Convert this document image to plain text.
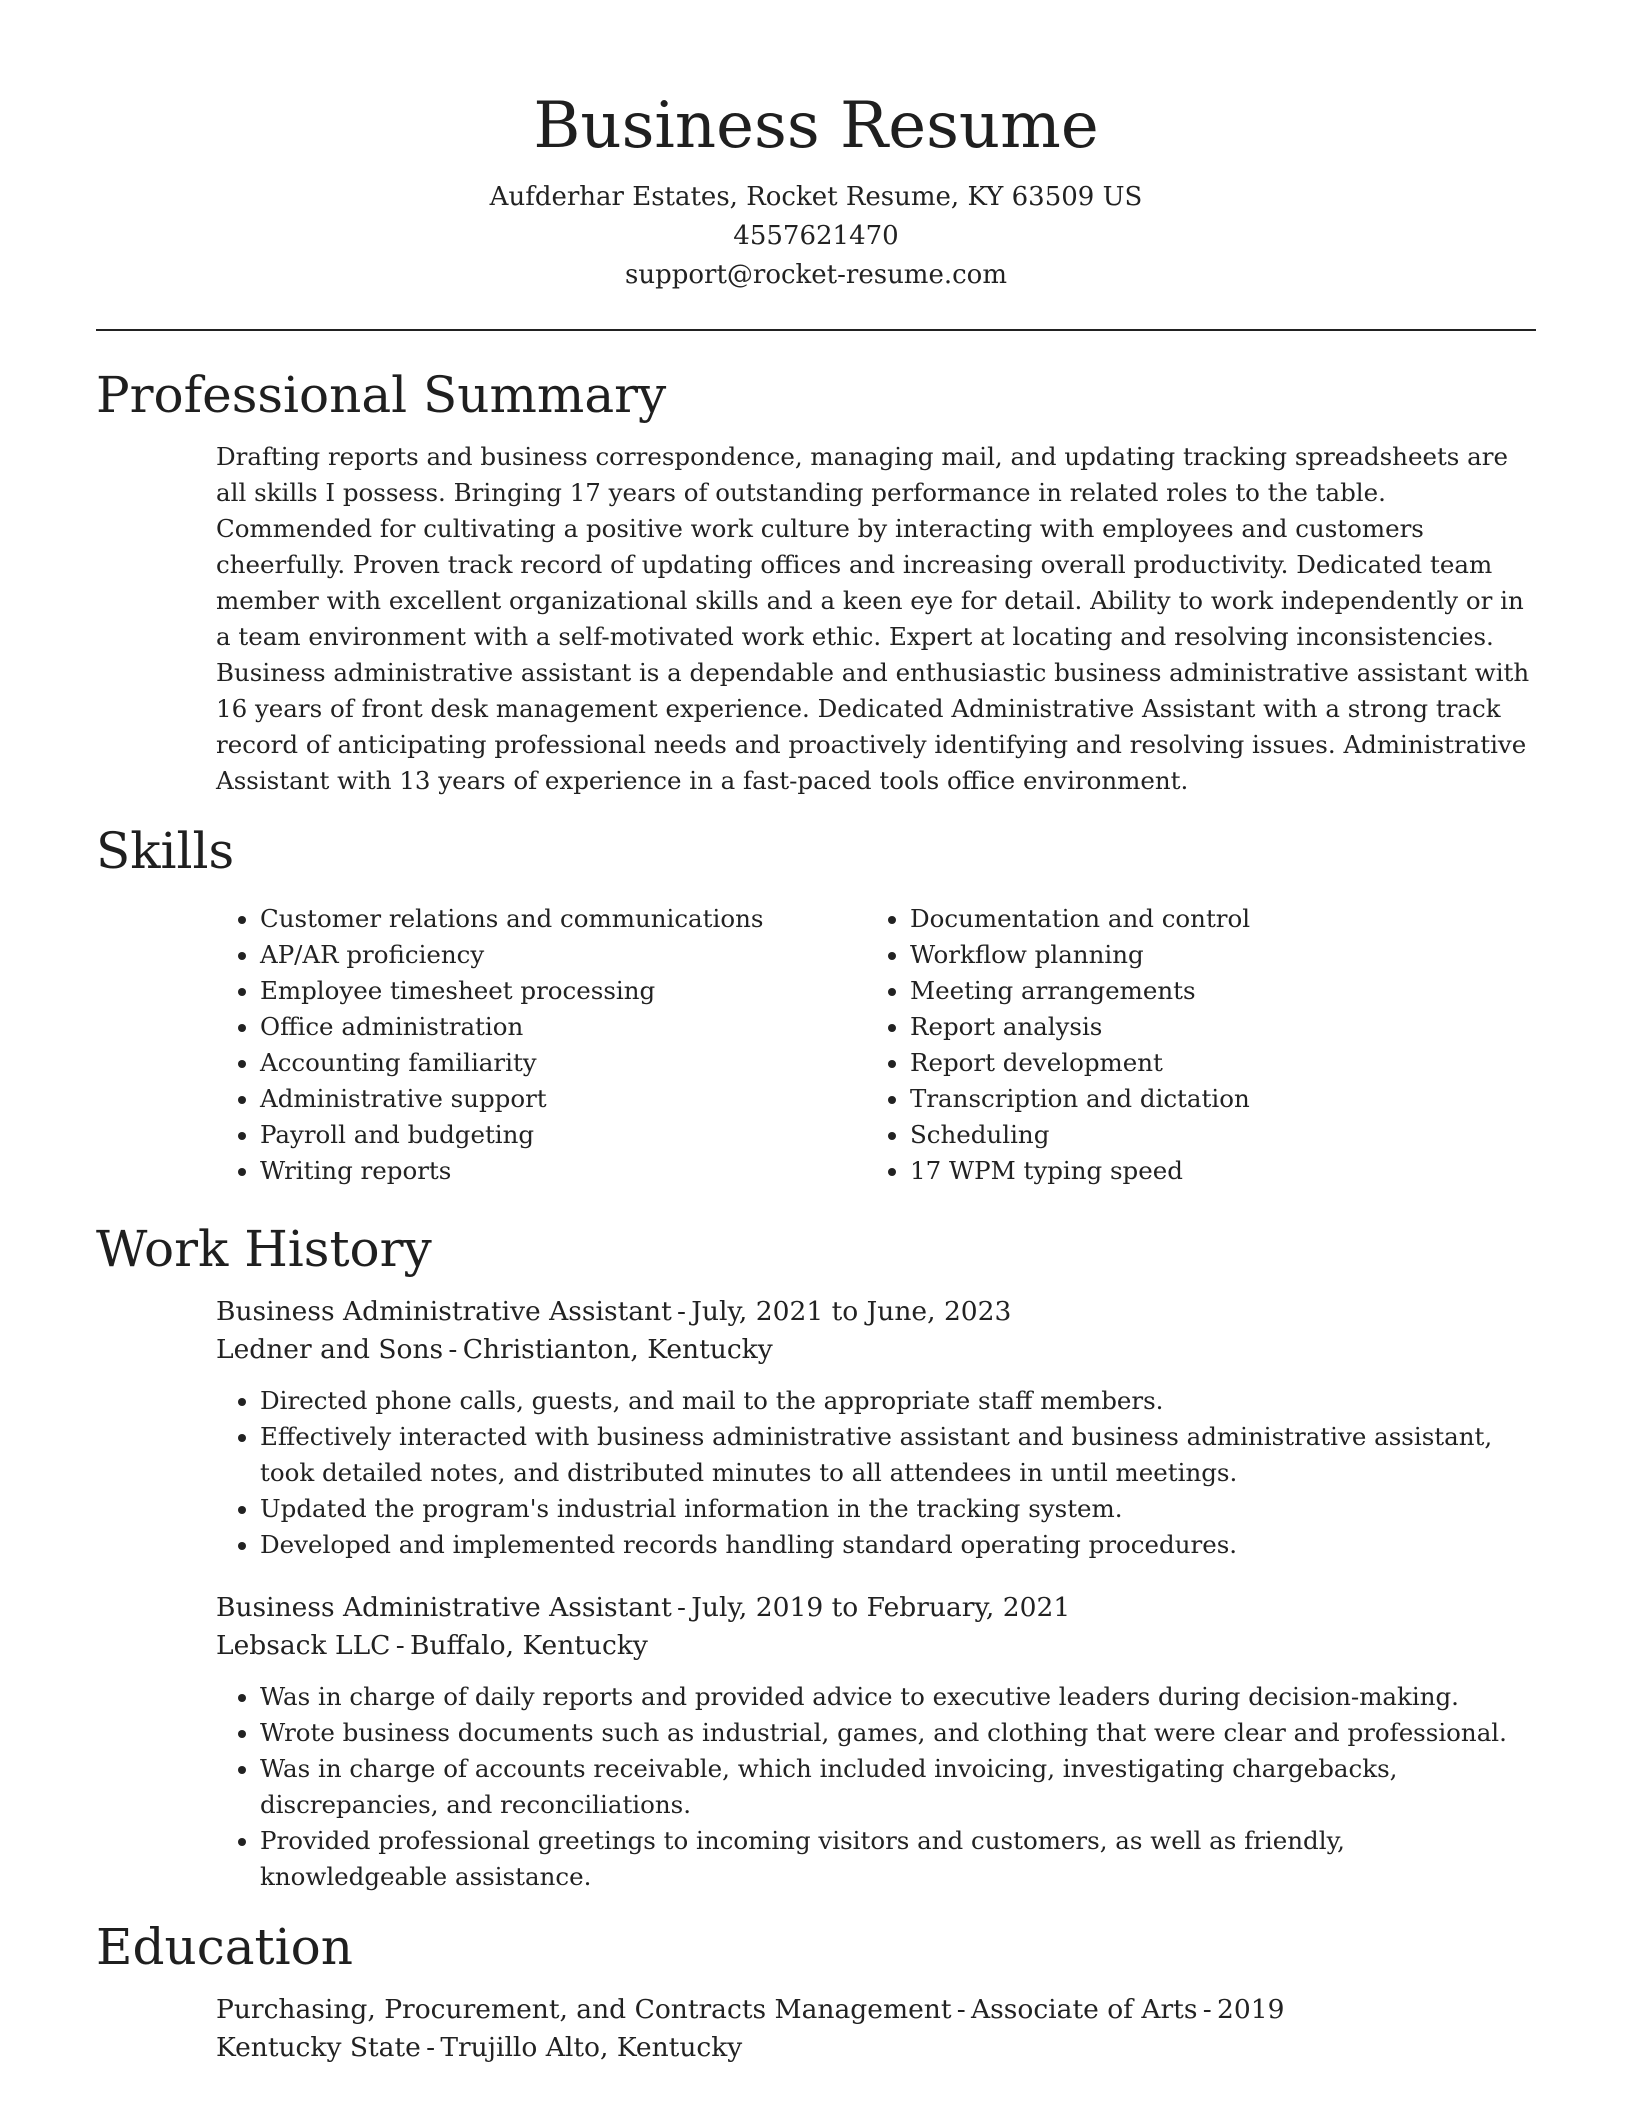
Business Resume
Aufderhar Estates, Rocket Resume, KY 63509 US
4557621470
support@rocket-resume.com
Professional Summary

Drafting reports and business correspondence, managing mail, and updating tracking spreadsheets are all skills I possess. Bringing 17 years of outstanding performance in related roles to the table. Commended for cultivating a positive work culture by interacting with employees and customers cheerfully. Proven track record of updating offices and increasing overall productivity. Dedicated team member with excellent organizational skills and a keen eye for detail. Ability to work independently or in a team environment with a self-motivated work ethic. Expert at locating and resolving inconsistencies. Business administrative assistant is a dependable and enthusiastic business administrative assistant with 16 years of front desk management experience. Dedicated Administrative Assistant with a strong track record of anticipating professional needs and proactively identifying and resolving issues. Administrative Assistant with 13 years of experience in a fast-paced tools office environment.

Skills
• Customer relations and communications
• AP/AR proficiency
• Employee timesheet processing
• Office administration
• Accounting familiarity
• Administrative support
• Payroll and budgeting
• Writing reports
• Documentation and control
• Workflow planning
• Meeting arrangements
• Report analysis
• Report development
• Transcription and dictation
• Scheduling
• 17 WPM typing speed
Work History
Business Administrative Assistant - July, 2021 to June, 2023
Ledner and Sons - Christianton, Kentucky
• Directed phone calls, guests, and mail to the appropriate staff members.
• Effectively interacted with business administrative assistant and business administrative assistant, took detailed notes, and distributed minutes to all attendees in until meetings.
• Updated the program's industrial information in the tracking system.
• Developed and implemented records handling standard operating procedures.
Business Administrative Assistant - July, 2019 to February, 2021
Lebsack LLC - Buffalo, Kentucky
• Was in charge of daily reports and provided advice to executive leaders during decision-making.
• Wrote business documents such as industrial, games, and clothing that were clear and professional.
• Was in charge of accounts receivable, which included invoicing, investigating chargebacks, discrepancies, and reconciliations.
• Provided professional greetings to incoming visitors and customers, as well as friendly, knowledgeable assistance.
Education
Purchasing, Procurement, and Contracts Management - Associate of Arts - 2019
Kentucky State - Trujillo Alto, Kentucky
